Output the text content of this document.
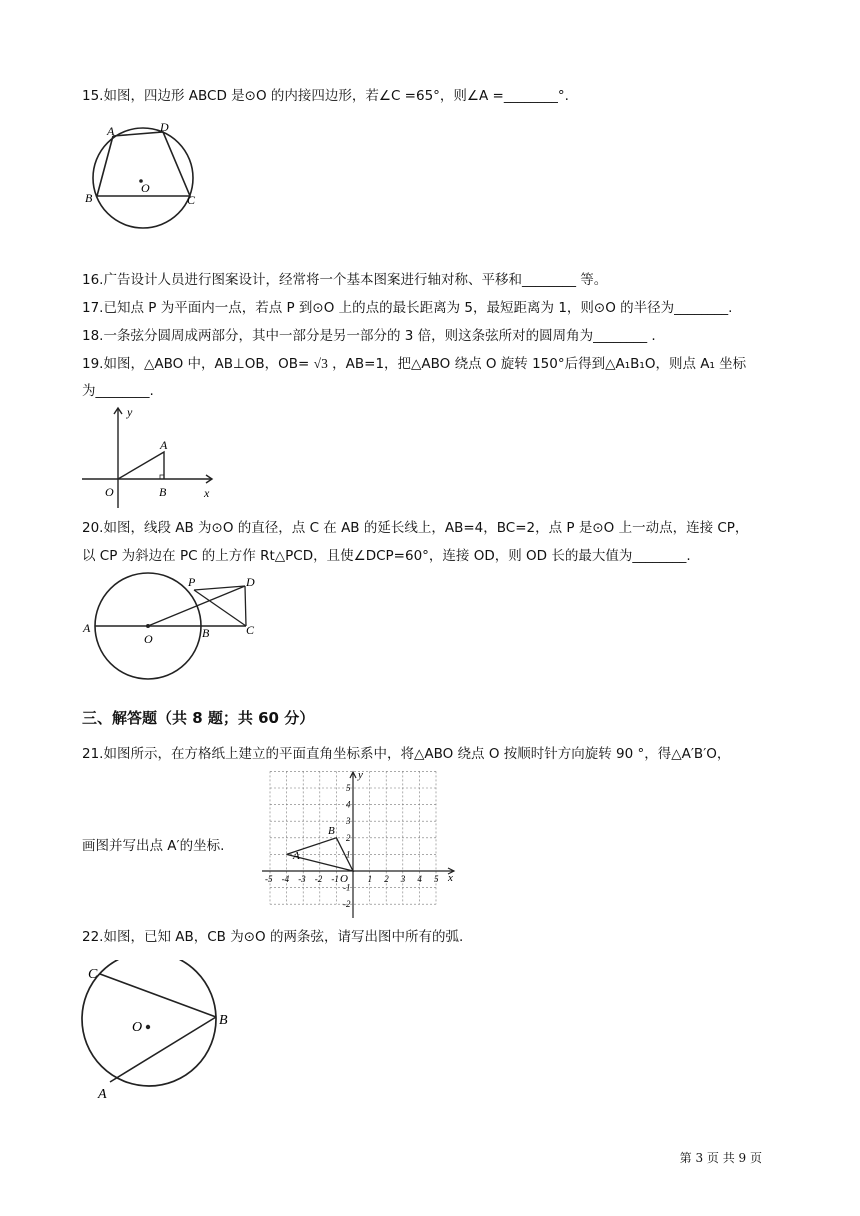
15.如图，四边形 ABCD 是⊙O 的内接四边形，若∠C =65°，则∠A =________°.
A	D
O
B	C
16.广告设计人员进行图案设计，经常将一个基本图案进行轴对称、平移和________ 等。
17.已知点 P 为平面内一点，若点 P 到⊙O 上的点的最长距离为 5，最短距离为 1，则⊙O 的半径为________.
18.一条弦分圆周成两部分，其中一部分是另一部分的 3 倍，则这条弦所对的圆周角为________ .
19.如图，△ABO 中，AB⊥OB，OB= √3 ，AB=1，把△ABO 绕点 O 旋转 150°后得到△A₁B₁O，则点 A₁ 坐标
为________.
y
A
O	B	x
20.如图，线段 AB 为⊙O 的直径，点 C 在 AB 的延长线上，AB=4，BC=2，点 P 是⊙O 上一动点，连接 CP，
以 CP 为斜边在 PC 的上方作 Rt△PCD，且使∠DCP=60°，连接 OD，则 OD 长的最大值为________.
P	D
A
O	B	C
三、解答题（共 8 题；共 60 分）
21.如图所示，在方格纸上建立的平面直角坐标系中，将△ABO 绕点 O 按顺时针方向旋转 90 °，得△A′B′O，
画图并写出点 A′的坐标.
y
x
A
B
O
-5 -4 -3 -2 -1	1 2 3 4 5
5
4
3
2
1
-1
-2
22.如图，已知 AB，CB 为⊙O 的两条弦，请写出图中所有的弧.
C
O	B
A
第 3 页 共 9 页
